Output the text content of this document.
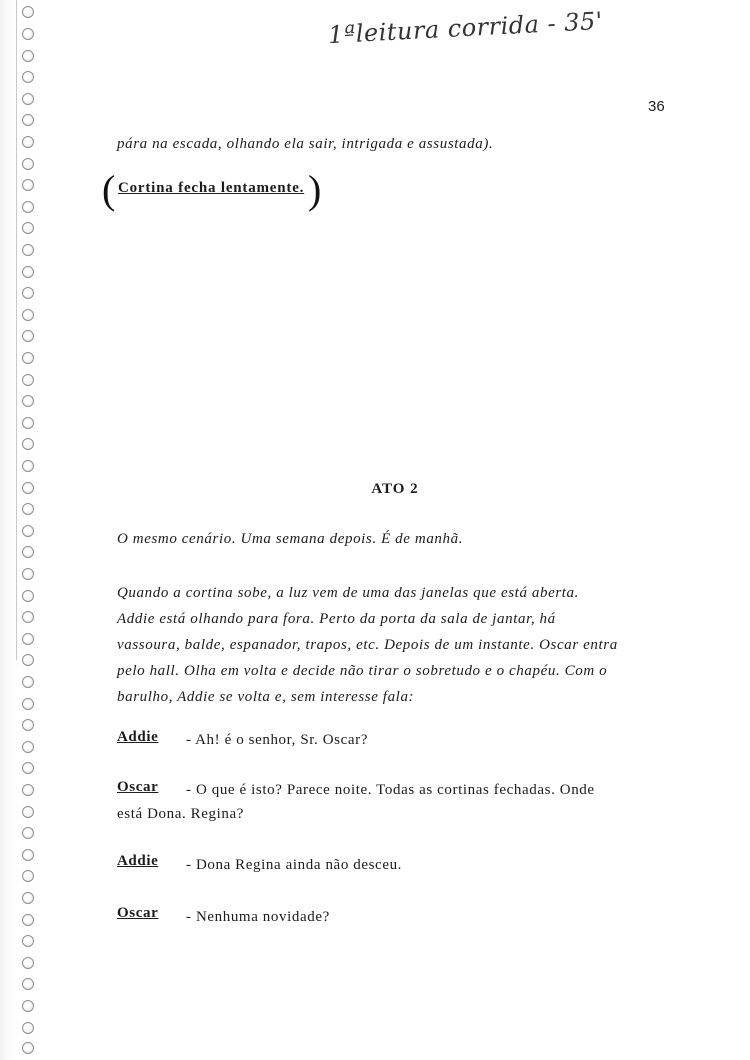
1ªleitura corrida - 35'
36
pára na escada, olhando ela sair, intrigada e assustada).
( Cortina fecha lentamente. )
ATO 2
O mesmo cenário. Uma semana depois. É de manhã.
Quando a cortina sobe, a luz vem de uma das janelas que está aberta.
Addie está olhando para fora. Perto da porta da sala de jantar, há
vassoura, balde, espanador, trapos, etc. Depois de um instante. Oscar entra
pelo hall. Olha em volta e decide não tirar o sobretudo e o chapéu. Com o
barulho, Addie se volta e, sem interesse fala:
Addie - Ah! é o senhor, Sr. Oscar?
Oscar - O que é isto? Parece noite. Todas as cortinas fechadas. Onde
está Dona. Regina?
Addie - Dona Regina ainda não desceu.
Oscar - Nenhuma novidade?
